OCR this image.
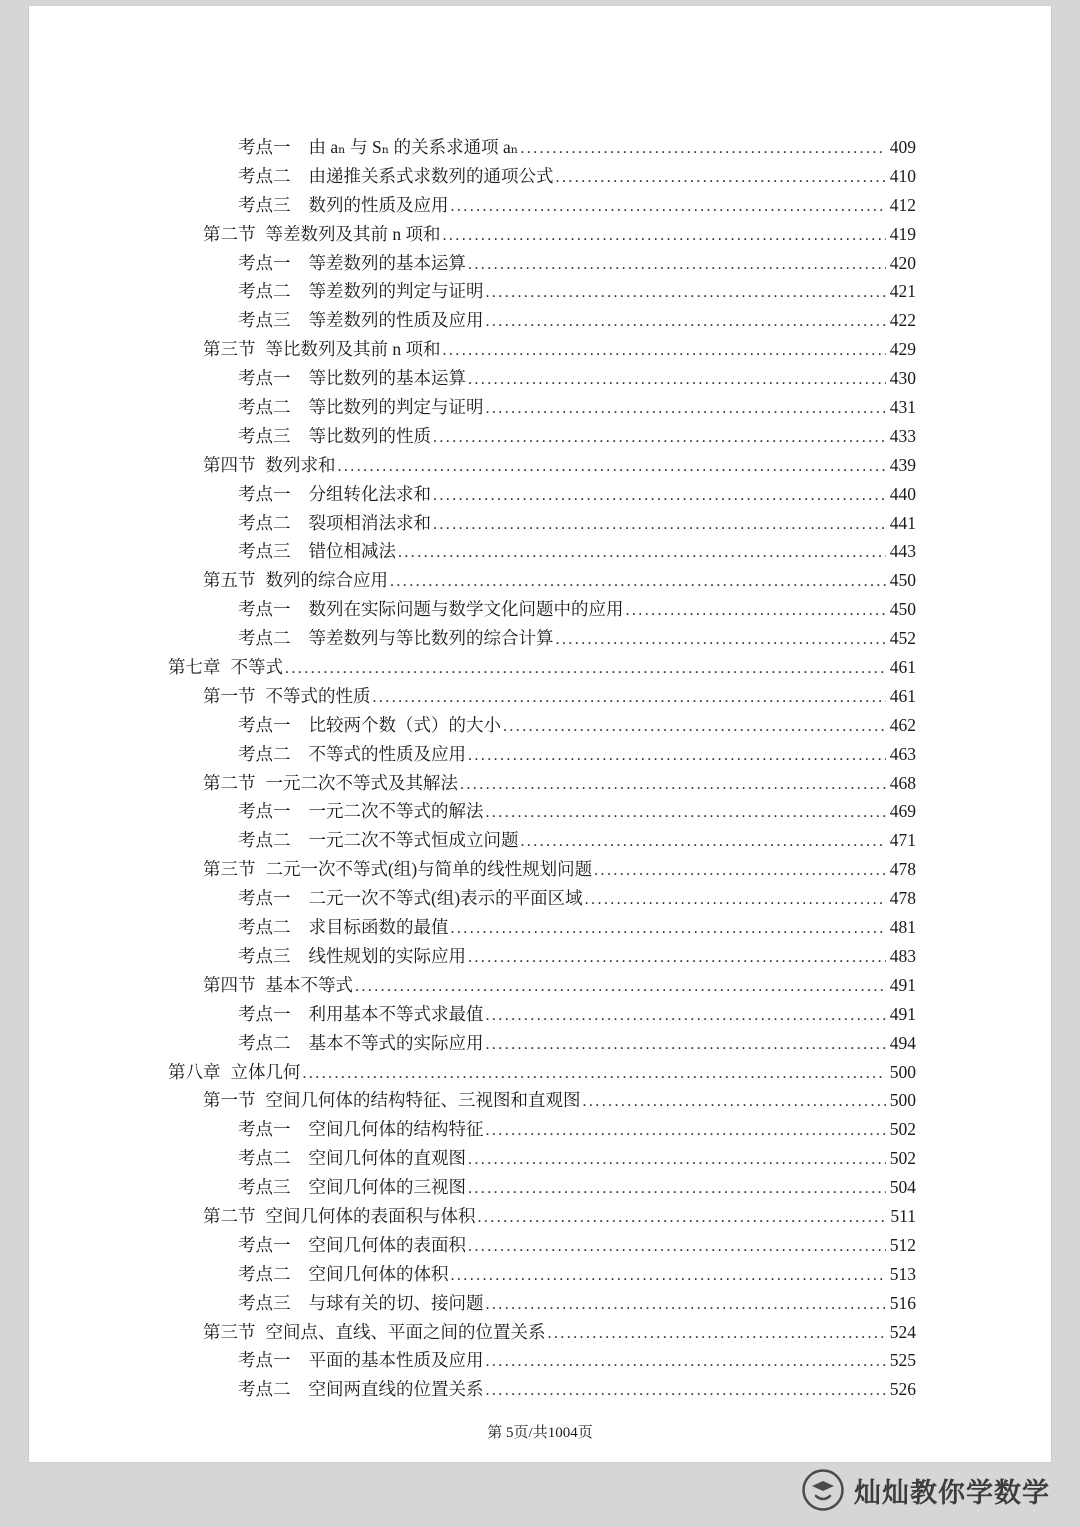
考点一 由 aₙ 与 Sₙ 的关系求通项 aₙ .....	409
考点二 由递推关系式求数列的通项公式 .....	410
考点三 数列的性质及应用 .....	412
第二节 等差数列及其前 n 项和 .....	419
考点一 等差数列的基本运算 .....	420
考点二 等差数列的判定与证明 .....	421
考点三 等差数列的性质及应用 .....	422
第三节 等比数列及其前 n 项和 .....	429
考点一 等比数列的基本运算 .....	430
考点二 等比数列的判定与证明 .....	431
考点三 等比数列的性质 .....	433
第四节 数列求和 .....	439
考点一 分组转化法求和 .....	440
考点二 裂项相消法求和 .....	441
考点三 错位相减法 .....	443
第五节 数列的综合应用 .....	450
考点一 数列在实际问题与数学文化问题中的应用 .....	450
考点二 等差数列与等比数列的综合计算 .....	452
第七章 不等式 .....	461
第一节 不等式的性质 .....	461
考点一 比较两个数（式）的大小 .....	462
考点二 不等式的性质及应用 .....	463
第二节 一元二次不等式及其解法 .....	468
考点一 一元二次不等式的解法 .....	469
考点二 一元二次不等式恒成立问题 .....	471
第三节 二元一次不等式(组)与简单的线性规划问题 .....	478
考点一 二元一次不等式(组)表示的平面区域 .....	478
考点二 求目标函数的最值 .....	481
考点三 线性规划的实际应用 .....	483
第四节 基本不等式 .....	491
考点一 利用基本不等式求最值 .....	491
考点二 基本不等式的实际应用 .....	494
第八章 立体几何 .....	500
第一节 空间几何体的结构特征、三视图和直观图 .....	500
考点一 空间几何体的结构特征 .....	502
考点二 空间几何体的直观图 .....	502
考点三 空间几何体的三视图 .....	504
第二节 空间几何体的表面积与体积 .....	511
考点一 空间几何体的表面积 .....	512
考点二 空间几何体的体积 .....	513
考点三 与球有关的切、接问题 .....	516
第三节 空间点、直线、平面之间的位置关系 .....	524
考点一 平面的基本性质及应用 .....	525
考点二 空间两直线的位置关系 .....	526
第 5页/共1004页
灿灿教你学数学
